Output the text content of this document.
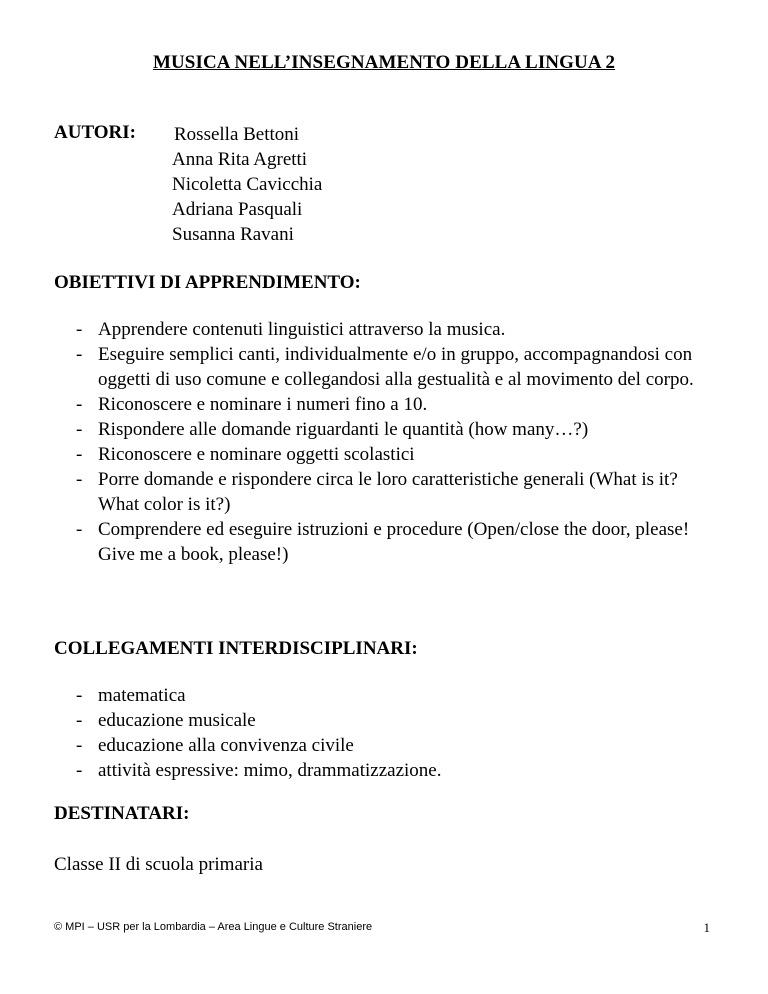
MUSICA NELL’INSEGNAMENTO DELLA LINGUA 2
AUTORI: Rossella Bettoni
Anna Rita Agretti
Nicoletta Cavicchia
Adriana Pasquali
Susanna Ravani
OBIETTIVI DI APPRENDIMENTO:
- Apprendere contenuti linguistici attraverso la musica.
- Eseguire semplici canti, individualmente e/o in gruppo, accompagnandosi con oggetti di uso comune e collegandosi alla gestualità e al movimento del corpo.
- Riconoscere e nominare i numeri fino a 10.
- Rispondere alle domande riguardanti le quantità (how many…?)
- Riconoscere e nominare oggetti scolastici
- Porre domande e rispondere circa le loro caratteristiche generali (What is it? What color is it?)
- Comprendere ed eseguire istruzioni e procedure (Open/close the door, please! Give me a book, please!)
COLLEGAMENTI INTERDISCIPLINARI:
- matematica
- educazione musicale
- educazione alla convivenza civile
- attività espressive: mimo, drammatizzazione.
DESTINATARI:
Classe II di scuola primaria
© MPI – USR per la Lombardia – Area Lingue e Culture Straniere	1
